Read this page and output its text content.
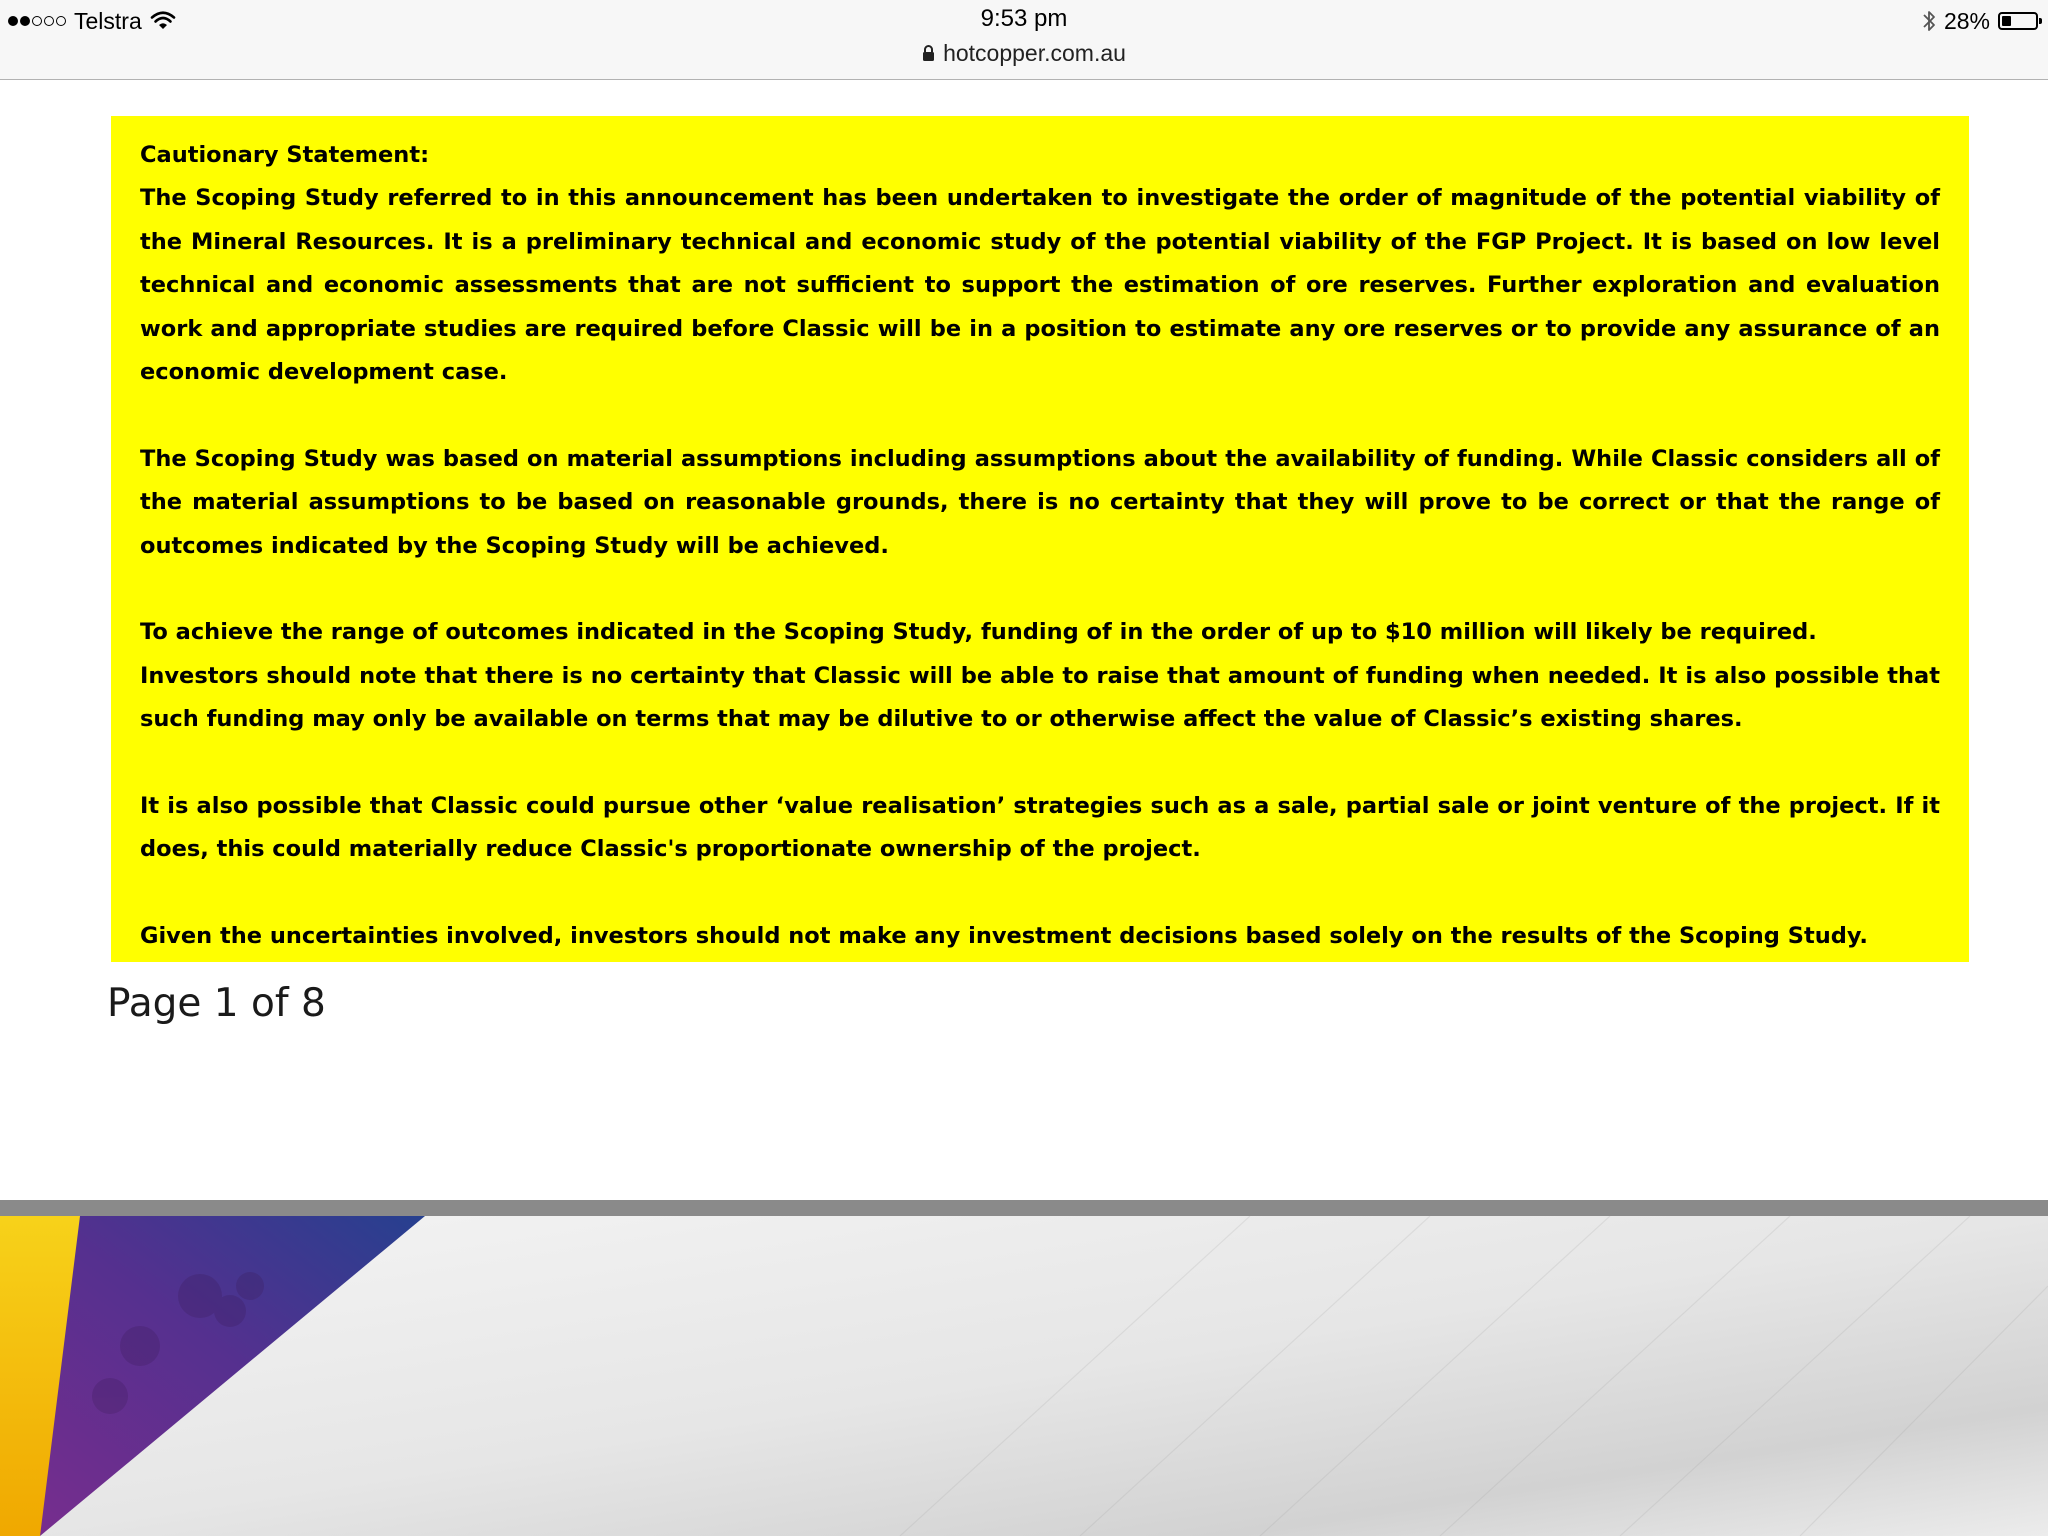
Telstra	9:53 pm
hotcopper.com.au
28%

Cautionary Statement:

The Scoping Study referred to in this announcement has been undertaken to investigate the order of magnitude of the potential viability of the Mineral Resources. It is a preliminary technical and economic study of the potential viability of the FGP Project. It is based on low level technical and economic assessments that are not sufficient to support the estimation of ore reserves. Further exploration and evaluation work and appropriate studies are required before Classic will be in a position to estimate any ore reserves or to provide any assurance of an economic development case.

The Scoping Study was based on material assumptions including assumptions about the availability of funding. While Classic considers all of the material assumptions to be based on reasonable grounds, there is no certainty that they will prove to be correct or that the range of outcomes indicated by the Scoping Study will be achieved.

To achieve the range of outcomes indicated in the Scoping Study, funding of in the order of up to $10 million will likely be required.

Investors should note that there is no certainty that Classic will be able to raise that amount of funding when needed. It is also possible that such funding may only be available on terms that may be dilutive to or otherwise affect the value of Classic’s existing shares.

It is also possible that Classic could pursue other ‘value realisation’ strategies such as a sale, partial sale or joint venture of the project. If it does, this could materially reduce Classic's proportionate ownership of the project.

Given the uncertainties involved, investors should not make any investment decisions based solely on the results of the Scoping Study.

Page 1 of 8
